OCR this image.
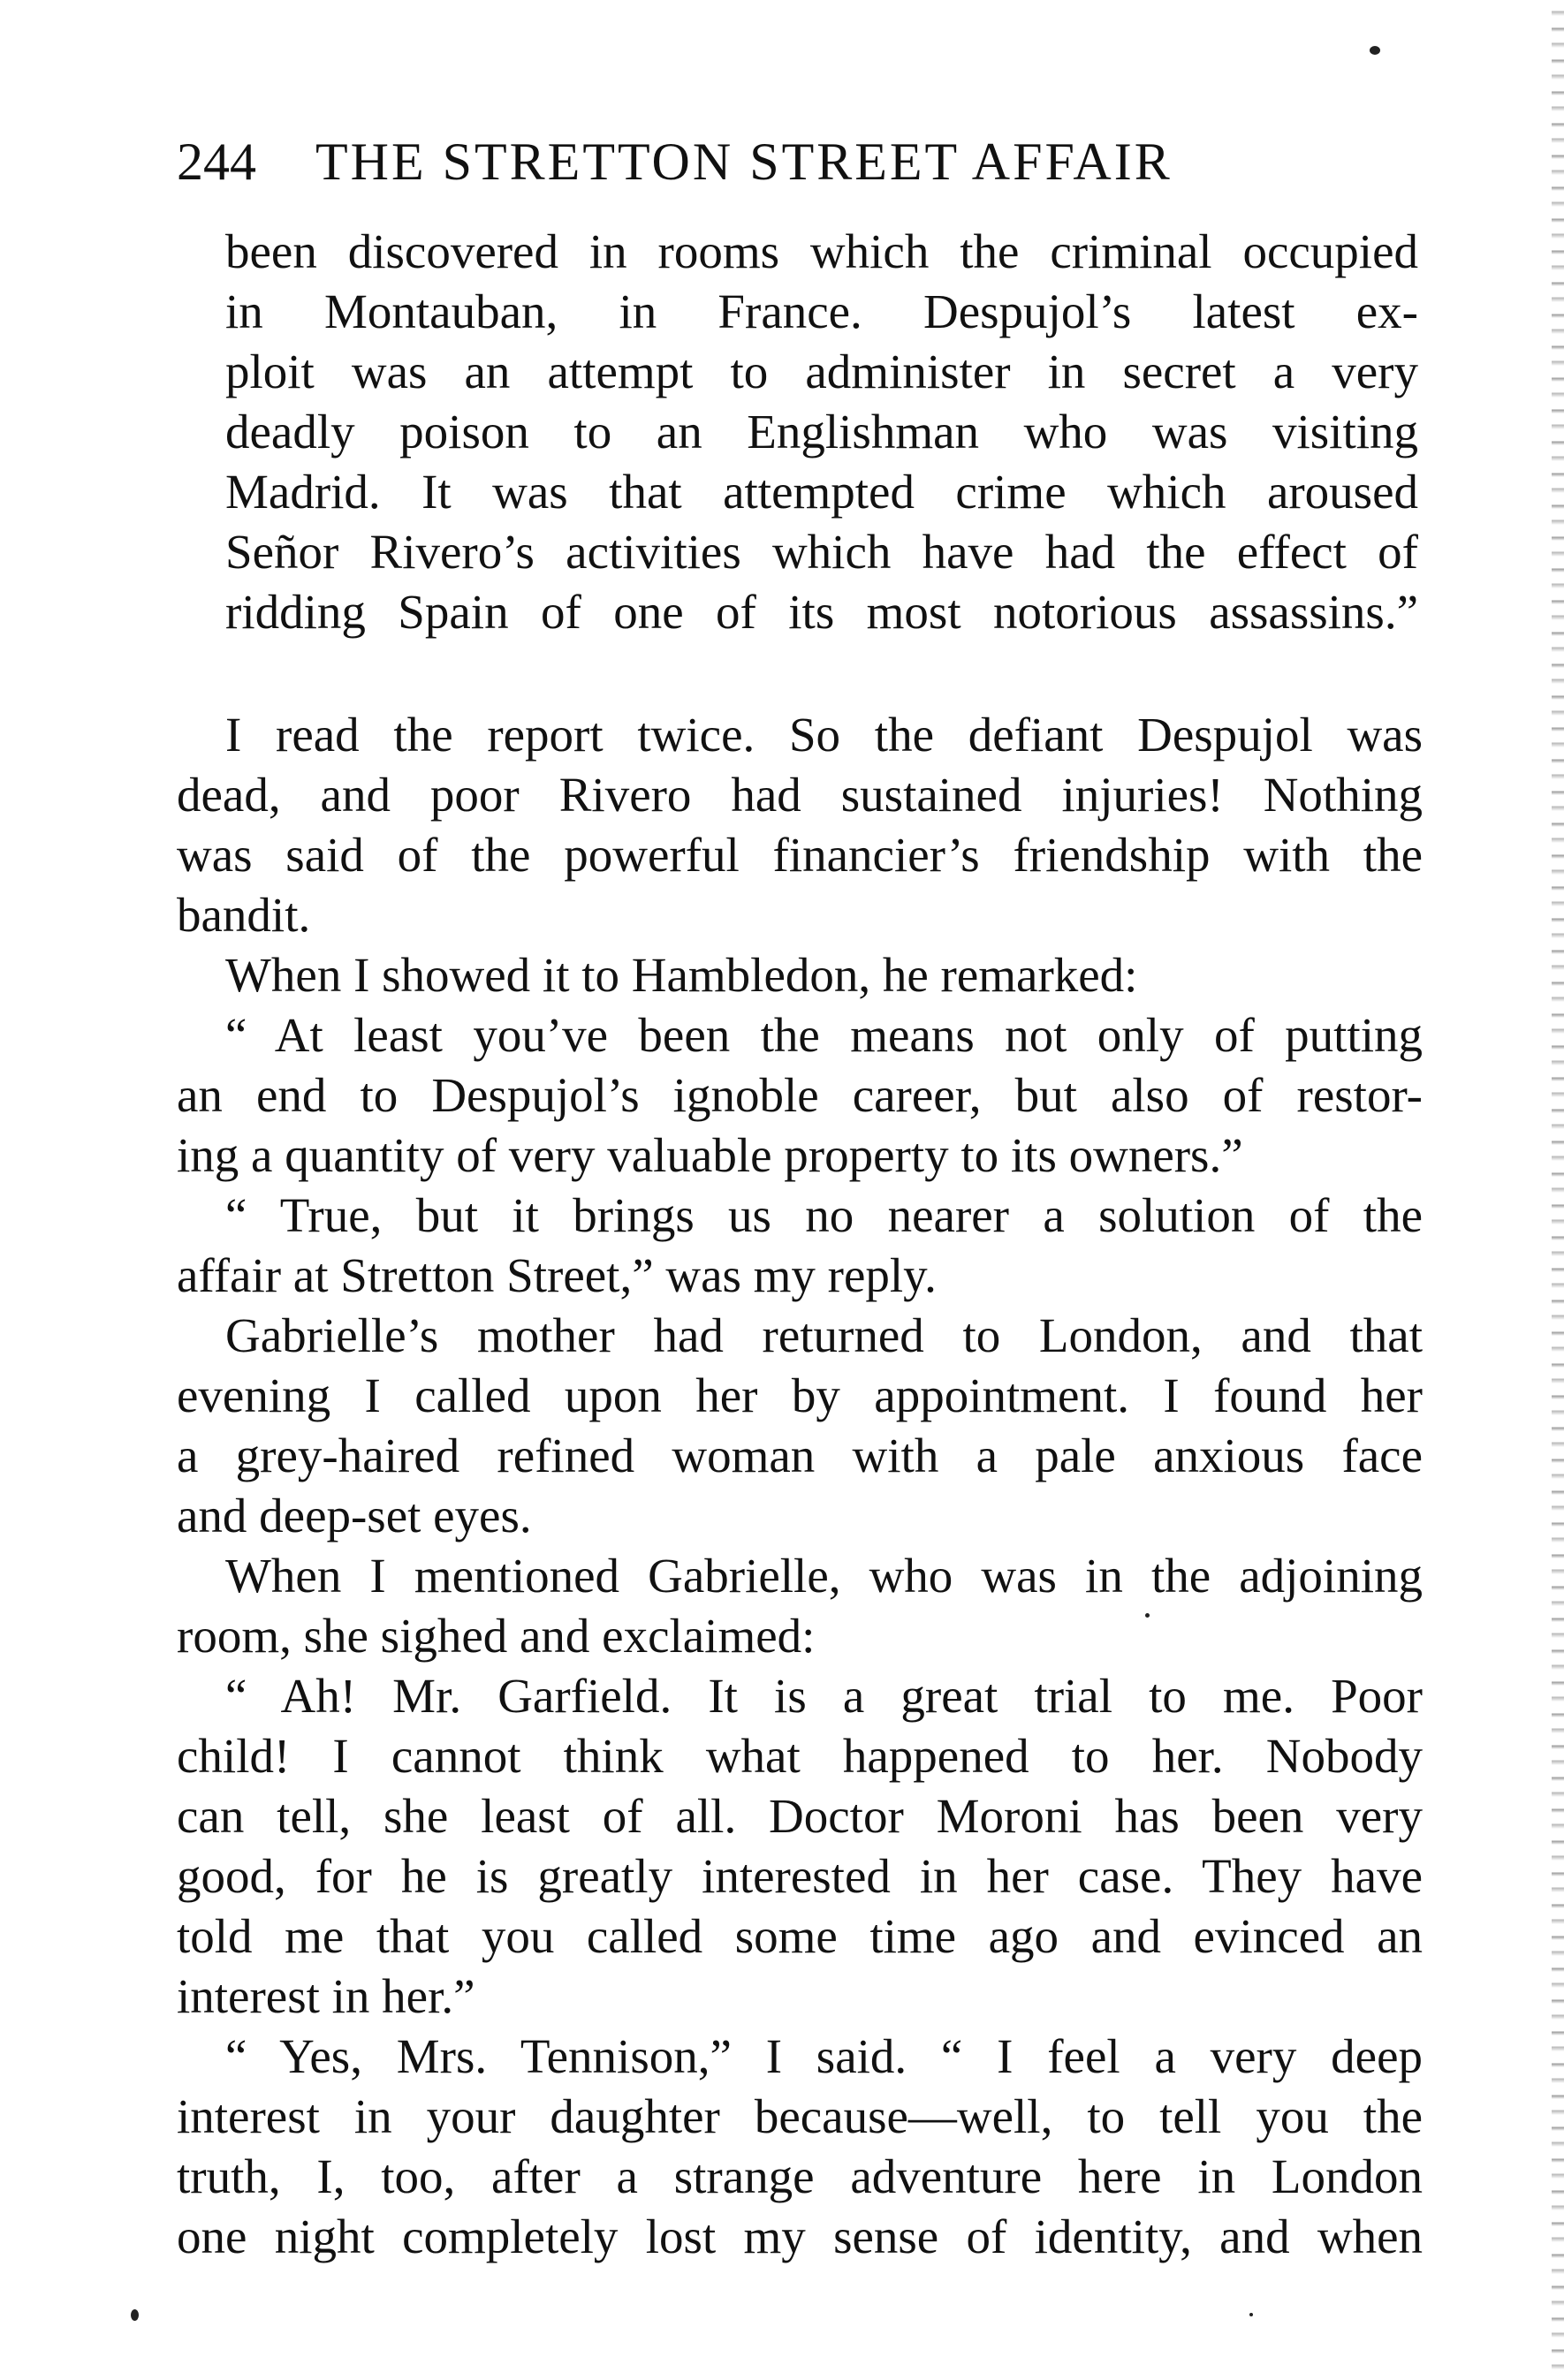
244 THE STRETTON STREET AFFAIR
been discovered in rooms which the criminal occupied
in Montauban, in France. Despujol’s latest ex-
ploit was an attempt to administer in secret a very
deadly poison to an Englishman who was visiting
Madrid. It was that attempted crime which aroused
Señor Rivero’s activities which have had the effect of
ridding Spain of one of its most notorious assassins.”
I read the report twice. So the defiant Despujol was
dead, and poor Rivero had sustained injuries! Nothing
was said of the powerful financier’s friendship with the
bandit.
When I showed it to Hambledon, he remarked:
“ At least you’ve been the means not only of putting
an end to Despujol’s ignoble career, but also of restor-
ing a quantity of very valuable property to its owners.”
“ True, but it brings us no nearer a solution of the
affair at Stretton Street,” was my reply.
Gabrielle’s mother had returned to London, and that
evening I called upon her by appointment. I found her
a grey-haired refined woman with a pale anxious face
and deep-set eyes.
When I mentioned Gabrielle, who was in the adjoining
room, she sighed and exclaimed:
“ Ah! Mr. Garfield. It is a great trial to me. Poor
child! I cannot think what happened to her. Nobody
can tell, she least of all. Doctor Moroni has been very
good, for he is greatly interested in her case. They have
told me that you called some time ago and evinced an
interest in her.”
“ Yes, Mrs. Tennison,” I said. “ I feel a very deep
interest in your daughter because—well, to tell you the
truth, I, too, after a strange adventure here in London
one night completely lost my sense of identity, and when
